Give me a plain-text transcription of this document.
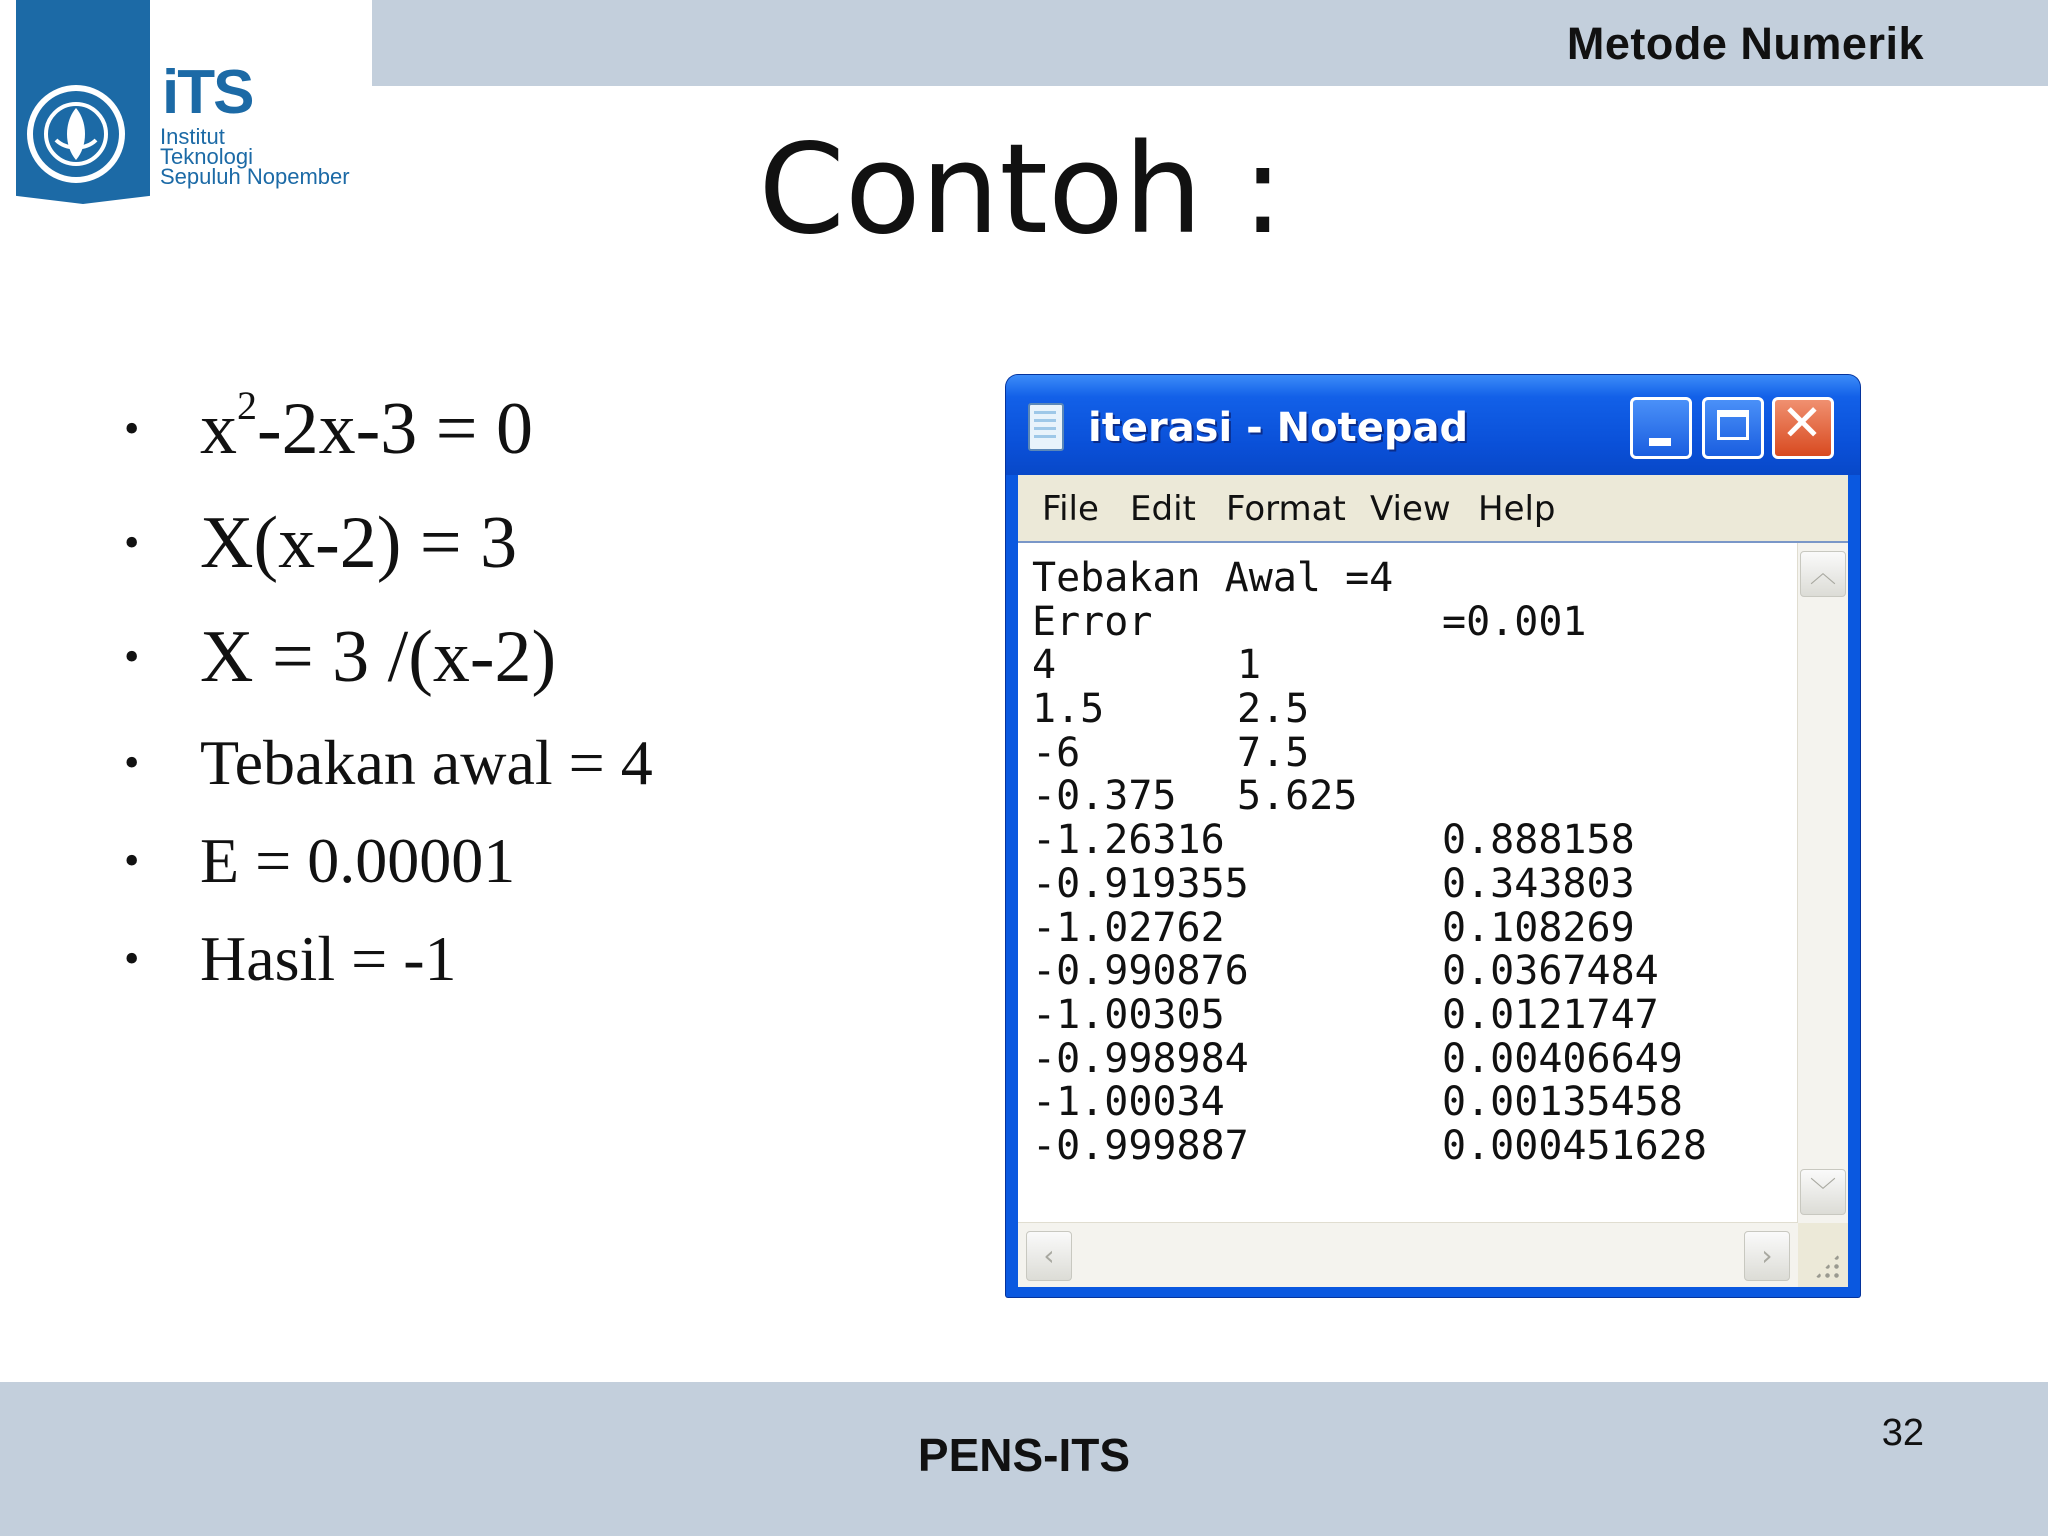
Metode Numerik
iTS
Institut
Teknologi
Sepuluh Nopember	Contoh :
• $x^2-2x-3 = 0$
• X(x-2) = 3
• X = 3 /(x-2)
• Tebakan awal = 4
• E = 0.00001
• Hasil = -1
iterasi - Notepad	✕
File Edit Format View Help
Tebakan Awal =4
Error	=0.001
4	1
1.5	2.5
-6	7.5
-0.375 5.625
-1.26316	0.888158
-0.919355	0.343803
-1.02762	0.108269
-0.990876	0.0367484
-1.00305	0.0121747
-0.998984	0.00406649
-1.00034	0.00135458
-0.999887	0.000451628
︿
﹀
‹	›
PENS-ITS	32
